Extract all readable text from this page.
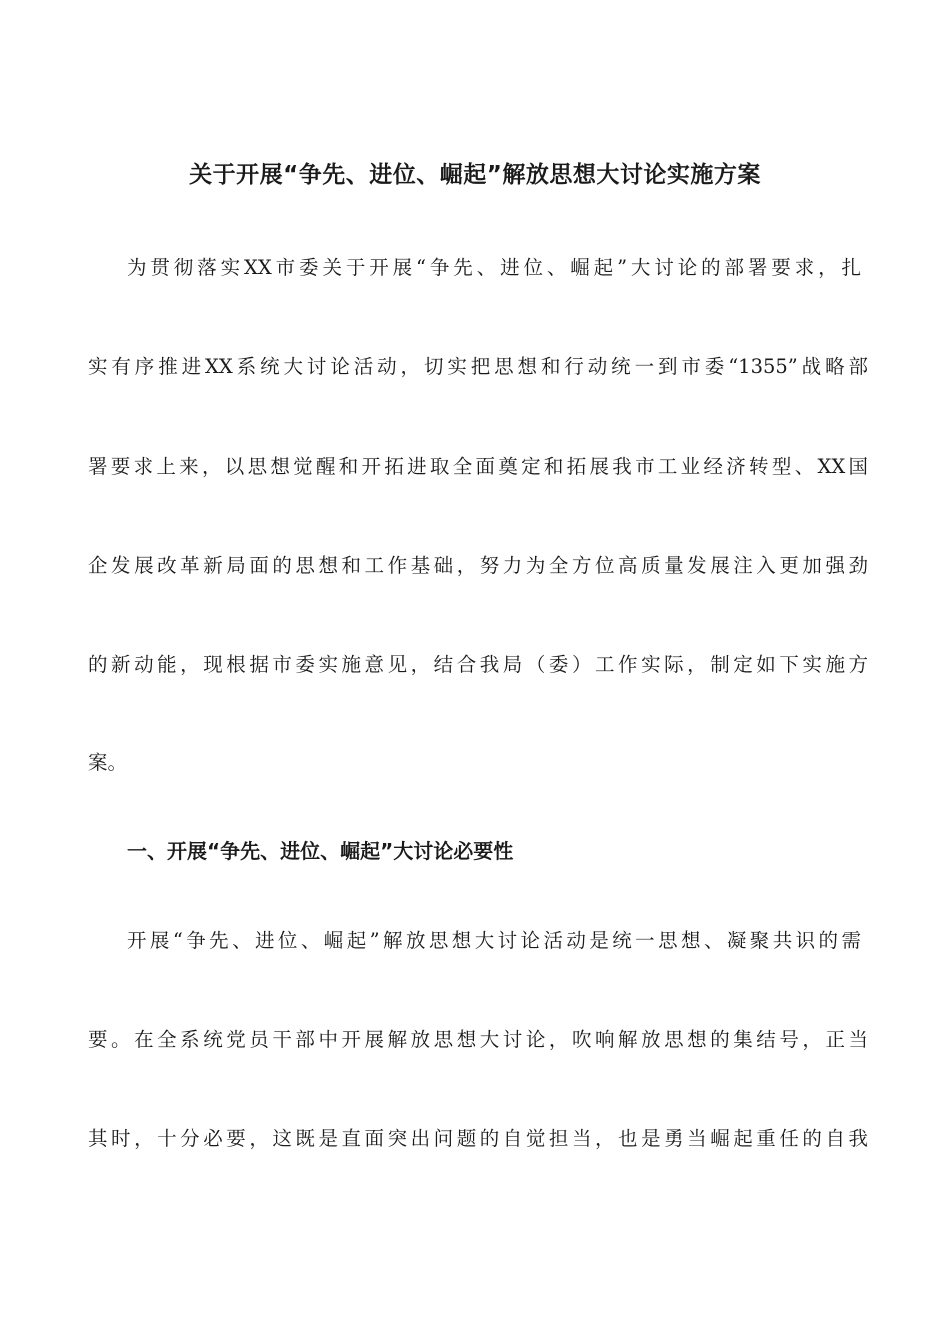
关于开展“争先、进位、崛起”解放思想大讨论实施方案
为贯彻落实XX市委关于开展“争先、进位、崛起”大讨论的部署要求，扎
实有序推进XX系统大讨论活动，切实把思想和行动统一到市委“1355”战略部
署要求上来，以思想觉醒和开拓进取全面奠定和拓展我市工业经济转型、XX国
企发展改革新局面的思想和工作基础，努力为全方位高质量发展注入更加强劲
的新动能，现根据市委实施意见，结合我局（委）工作实际，制定如下实施方
案。
一、开展“争先、进位、崛起”大讨论必要性
开展“争先、进位、崛起”解放思想大讨论活动是统一思想、凝聚共识的需
要。在全系统党员干部中开展解放思想大讨论，吹响解放思想的集结号，正当
其时，十分必要，这既是直面突出问题的自觉担当，也是勇当崛起重任的自我
